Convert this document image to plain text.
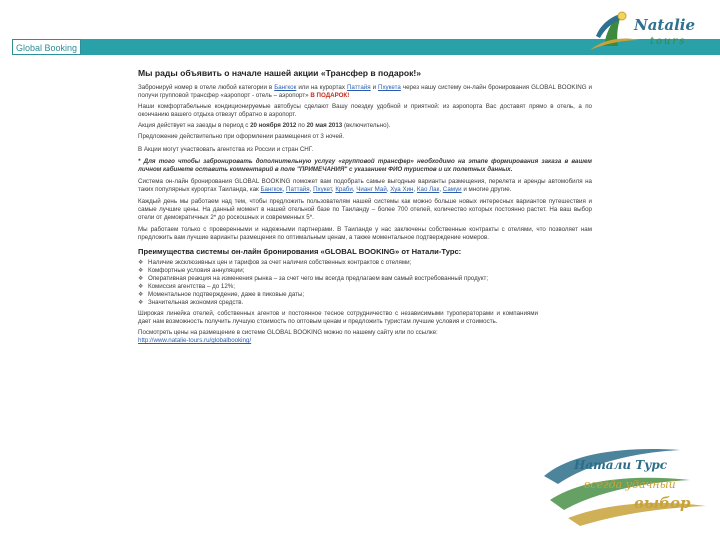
Global Booking
Natalie
tours

Мы рады объявить о начале нашей акции «Трансфер в подарок!»

Забронируй номер в отеле любой категории в Бангкок или на курортах Паттайя и Пхукета через нашу систему он-лайн бронирования GLOBAL BOOKING и получи групповой трансфер «аэропорт - отель – аэропорт» В ПОДАРОК!

Наши комфортабельные кондиционируемые автобусы сделают Вашу поездку удобной и приятной: из аэропорта Вас доставят прямо в отель, а по окончанию вашего отдыха отвезут обратно в аэропорт.

Акция действует на заезды в период с 20 ноября 2012 по 20 мая 2013 (включительно).

Предложение действительно при оформлении размещения от 3 ночей.

В Акции могут участвовать агентства из России и стран СНГ.

* Для того чтобы забронировать дополнительную услугу «групповой трансфер» необходимо на этапе формирования заказа в вашем личном кабинете оставить комментарий в поле "ПРИМЕЧАНИЯ" с указанием ФИО туристов и их полетных данных.

Система он-лайн бронирования GLOBAL BOOKING поможет вам подобрать самые выгодные варианты размещения, перелета и аренды автомобиля на таких популярных курортах Таиланда, как Бангкок, Паттайя, Пхукет, Краби, Чианг Май, Хуа Хин, Као Лак, Самуи и многие другие.

Каждый день мы работаем над тем, чтобы предложить пользователям нашей системы как можно больше новых интересных вариантов путешествия и самые лучшие цены. На данный момент в нашей отельной базе по Таиланду – более 700 отелей, количество которых постоянно растет. На ваш выбор отели от демократичных 2* до роскошных и современных 5*.

Мы работаем только с проверенными и надежными партнерами. В Таиланде у нас заключены собственные контракты с отелями, что позволяет нам предложить вам лучшие варианты размещения по оптимальным ценам, а также моментальное подтверждение номеров.

Преимущества системы он-лайн бронирования «GLOBAL BOOKING» от Натали-Турс:

❖ Наличие эксклюзивных цен и тарифов за счет наличия собственных контрактов с отелями;
❖ Комфортные условия аннуляции;
❖ Оперативная реакция на изменения рынка – за счет чего мы всегда предлагаем вам самый востребованный продукт;
❖ Комиссия агентства – до 12%;
❖ Моментальное подтверждение, даже в пиковые даты;
❖ Значительная экономия средств.

Широкая линейка отелей, собственных агентов и постоянное тесное сотрудничество с независимыми туроператорами и компаниями дает нам возможность получить лучшую стоимость по оптовым ценам и предложить туристам лучшие условия и стоимость.

Посмотреть цены на размещение в системе GLOBAL BOOKING можно по нашему сайту или по ссылке:
http://www.natalie-tours.ru/globalbooking/

Натали Турс
всегда удачный
выбор
